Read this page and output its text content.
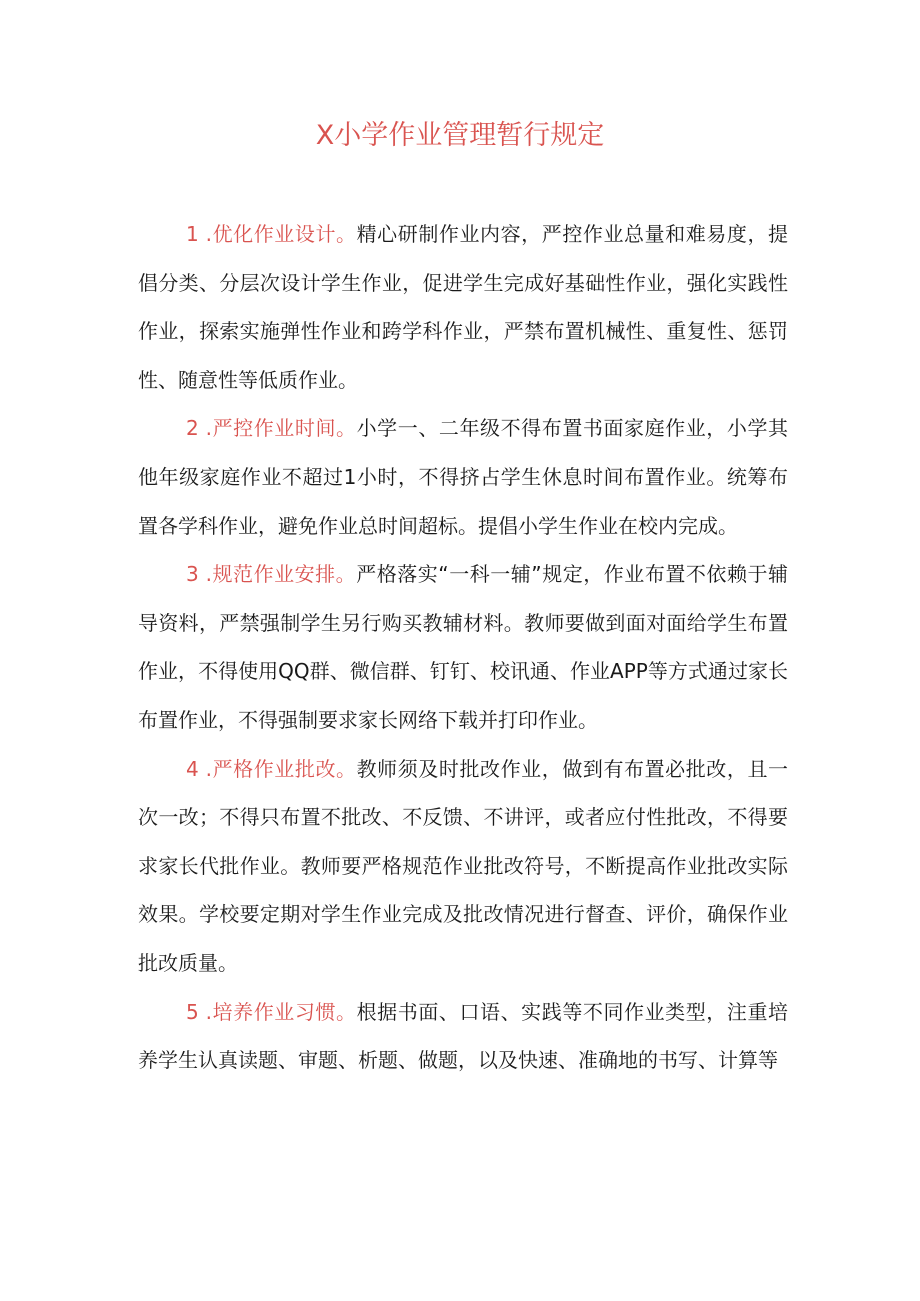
X小学作业管理暂行规定

1 .优化作业设计。精心研制作业内容，严控作业总量和难易度，提倡分类、分层次设计学生作业，促进学生完成好基础性作业，强化实践性作业，探索实施弹性作业和跨学科作业，严禁布置机械性、重复性、惩罚性、随意性等低质作业。

2 .严控作业时间。小学一、二年级不得布置书面家庭作业，小学其他年级家庭作业不超过1小时，不得挤占学生休息时间布置作业。统筹布置各学科作业，避免作业总时间超标。提倡小学生作业在校内完成。

3 .规范作业安排。严格落实“一科一辅”规定，作业布置不依赖于辅导资料，严禁强制学生另行购买教辅材料。教师要做到面对面给学生布置作业，不得使用QQ群、微信群、钉钉、校讯通、作业APP等方式通过家长布置作业，不得强制要求家长网络下载并打印作业。

4 .严格作业批改。教师须及时批改作业，做到有布置必批改，且一次一改；不得只布置不批改、不反馈、不讲评，或者应付性批改，不得要求家长代批作业。教师要严格规范作业批改符号，不断提高作业批改实际效果。学校要定期对学生作业完成及批改情况进行督查、评价，确保作业批改质量。

5 .培养作业习惯。根据书面、口语、实践等不同作业类型，注重培养学生认真读题、审题、析题、做题，以及快速、准确地的书写、计算等
